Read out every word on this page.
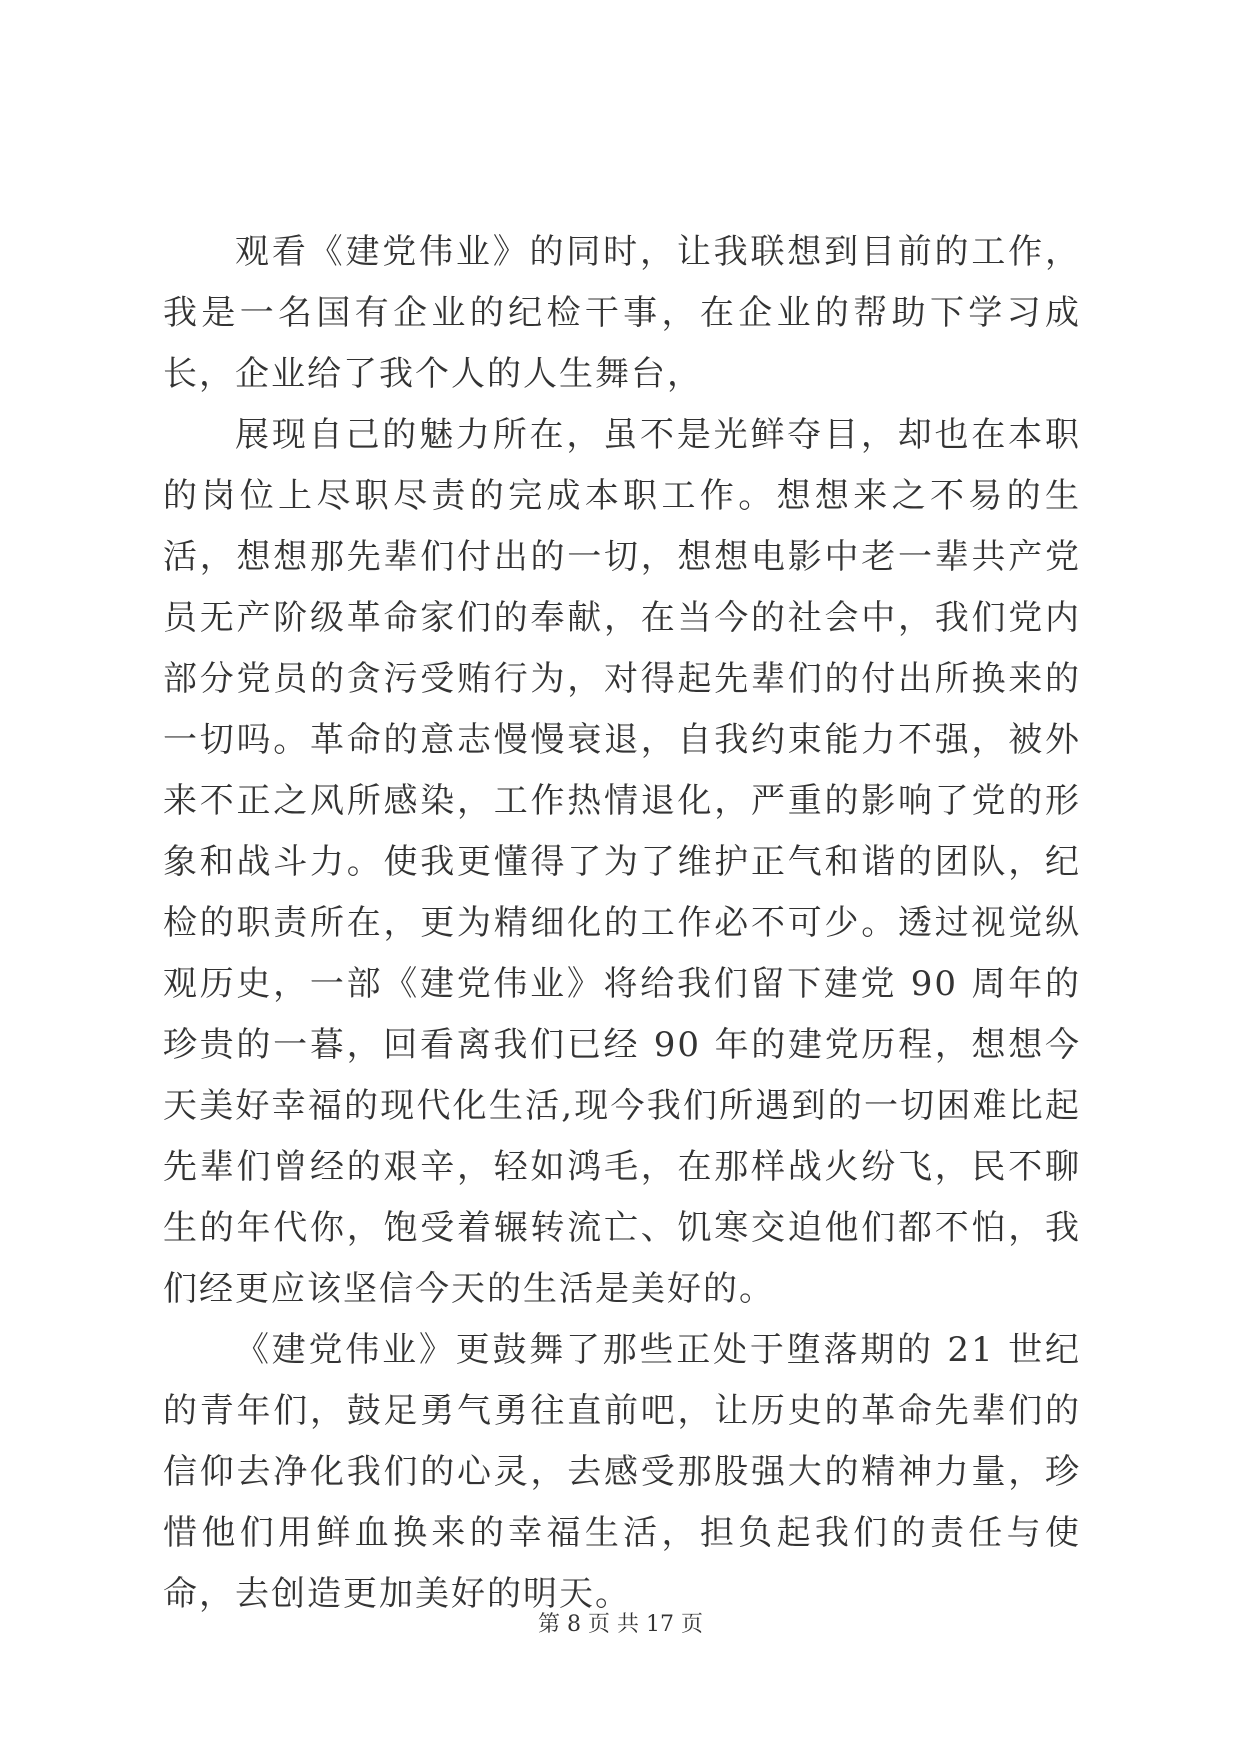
观看《建党伟业》的同时，让我联想到目前的工作，我是一名国有企业的纪检干事，在企业的帮助下学习成长，企业给了我个人的人生舞台，

展现自己的魅力所在，虽不是光鲜夺目，却也在本职的岗位上尽职尽责的完成本职工作。想想来之不易的生活，想想那先辈们付出的一切，想想电影中老一辈共产党员无产阶级革命家们的奉献，在当今的社会中，我们党内部分党员的贪污受贿行为，对得起先辈们的付出所换来的一切吗。革命的意志慢慢衰退，自我约束能力不强，被外来不正之风所感染，工作热情退化，严重的影响了党的形象和战斗力。使我更懂得了为了维护正气和谐的团队，纪检的职责所在，更为精细化的工作必不可少。透过视觉纵观历史，一部《建党伟业》将给我们留下建党 90 周年的珍贵的一暮，回看离我们已经 90 年的建党历程，想想今天美好幸福的现代化生活,现今我们所遇到的一切困难比起先辈们曾经的艰辛，轻如鸿毛，在那样战火纷飞，民不聊生的年代你，饱受着辗转流亡、饥寒交迫他们都不怕，我们经更应该坚信今天的生活是美好的。

《建党伟业》更鼓舞了那些正处于堕落期的 21 世纪的青年们，鼓足勇气勇往直前吧，让历史的革命先辈们的信仰去净化我们的心灵，去感受那股强大的精神力量，珍惜他们用鲜血换来的幸福生活，担负起我们的责任与使命，去创造更加美好的明天。

第 8 页 共 17 页
